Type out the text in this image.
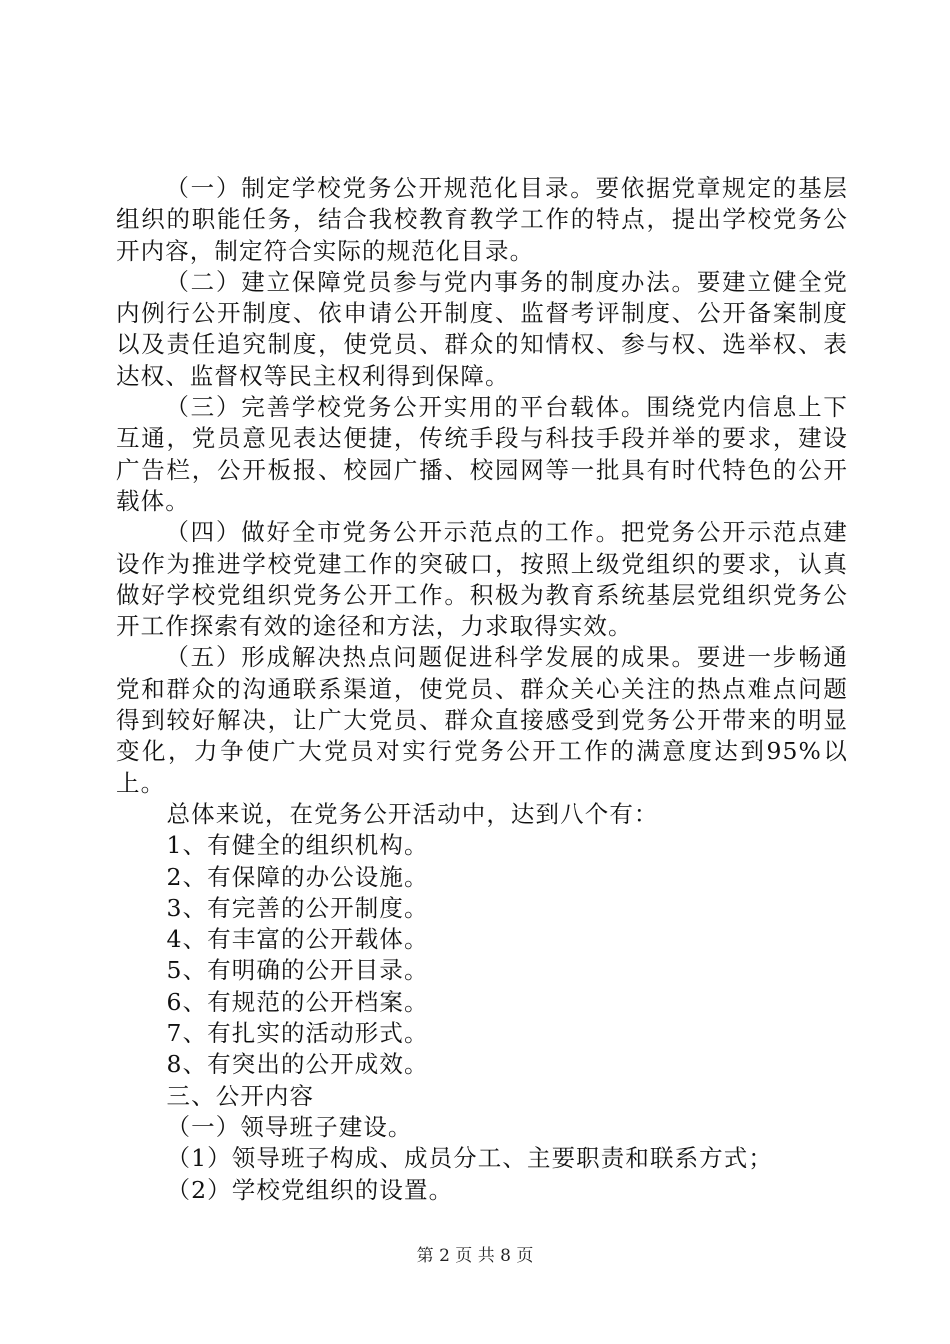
（一）制定学校党务公开规范化目录。要依据党章规定的基层组织的职能任务，结合我校教育教学工作的特点，提出学校党务公开内容，制定符合实际的规范化目录。

（二）建立保障党员参与党内事务的制度办法。要建立健全党内例行公开制度、依申请公开制度、监督考评制度、公开备案制度以及责任追究制度，使党员、群众的知情权、参与权、选举权、表达权、监督权等民主权利得到保障。

（三）完善学校党务公开实用的平台载体。围绕党内信息上下互通，党员意见表达便捷，传统手段与科技手段并举的要求，建设广告栏，公开板报、校园广播、校园网等一批具有时代特色的公开载体。

（四）做好全市党务公开示范点的工作。把党务公开示范点建设作为推进学校党建工作的突破口，按照上级党组织的要求，认真做好学校党组织党务公开工作。积极为教育系统基层党组织党务公开工作探索有效的途径和方法，力求取得实效。

（五）形成解决热点问题促进科学发展的成果。要进一步畅通党和群众的沟通联系渠道，使党员、群众关心关注的热点难点问题得到较好解决，让广大党员、群众直接感受到党务公开带来的明显变化，力争使广大党员对实行党务公开工作的满意度达到95%以上。

总体来说，在党务公开活动中，达到八个有：

1、有健全的组织机构。

2、有保障的办公设施。

3、有完善的公开制度。

4、有丰富的公开载体。

5、有明确的公开目录。

6、有规范的公开档案。

7、有扎实的活动形式。

8、有突出的公开成效。

三、公开内容

（一）领导班子建设。

（1）领导班子构成、成员分工、主要职责和联系方式；

（2）学校党组织的设置。

第 2 页 共 8 页
